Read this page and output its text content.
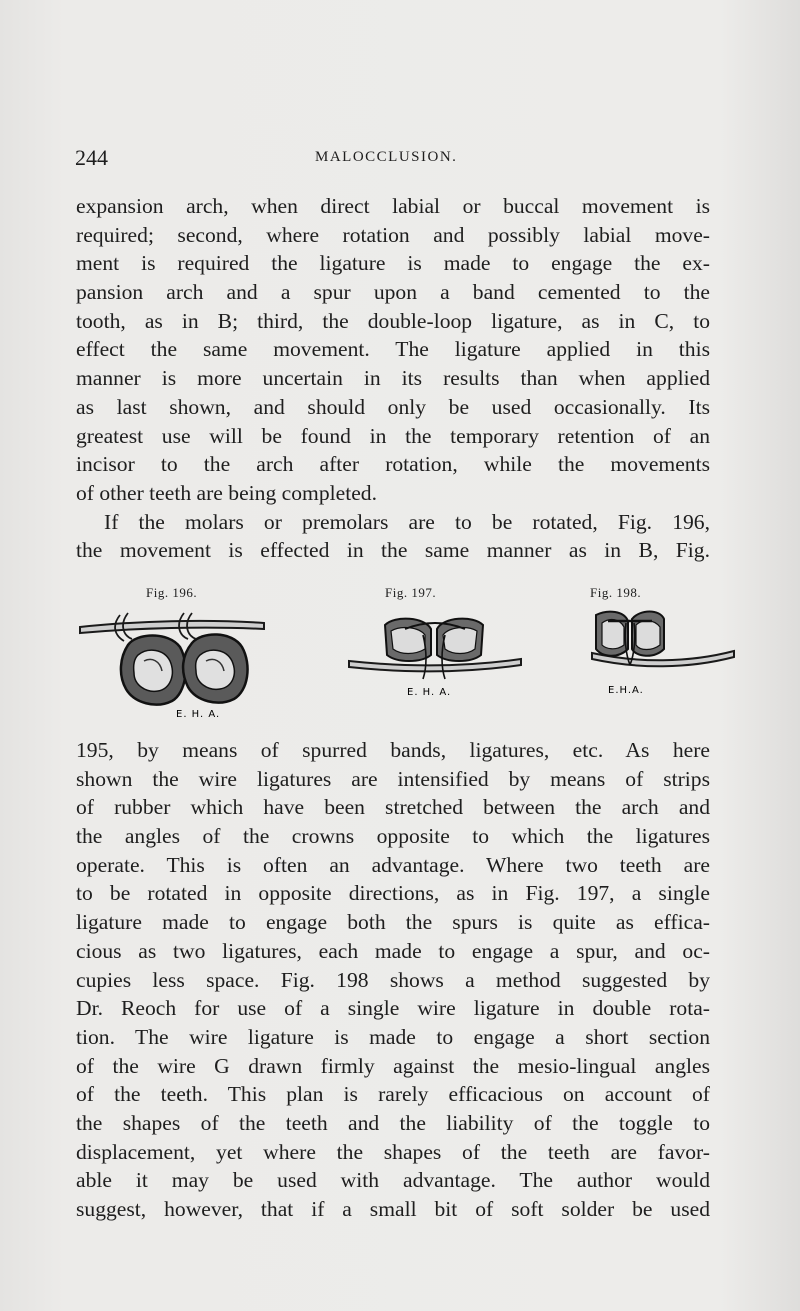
244	MALOCCLUSION.
expansion arch, when direct labial or buccal movement is
required; second, where rotation and possibly labial move-
ment is required the ligature is made to engage the ex-
pansion arch and a spur upon a band cemented to the
tooth, as in B; third, the double-loop ligature, as in C, to
effect the same movement. The ligature applied in this
manner is more uncertain in its results than when applied
as last shown, and should only be used occasionally. Its
greatest use will be found in the temporary retention of an
incisor to the arch after rotation, while the movements
of other teeth are being completed.
If the molars or premolars are to be rotated, Fig. 196,
the movement is effected in the same manner as in B, Fig.
Fig. 196.	Fig. 197.	Fig. 198.
E. H. A.
E. H. A.	E.H.A.
195, by means of spurred bands, ligatures, etc. As here
shown the wire ligatures are intensified by means of strips
of rubber which have been stretched between the arch and
the angles of the crowns opposite to which the ligatures
operate. This is often an advantage. Where two teeth are
to be rotated in opposite directions, as in Fig. 197, a single
ligature made to engage both the spurs is quite as effica-
cious as two ligatures, each made to engage a spur, and oc-
cupies less space. Fig. 198 shows a method suggested by
Dr. Reoch for use of a single wire ligature in double rota-
tion. The wire ligature is made to engage a short section
of the wire G drawn firmly against the mesio-lingual angles
of the teeth. This plan is rarely efficacious on account of
the shapes of the teeth and the liability of the toggle to
displacement, yet where the shapes of the teeth are favor-
able it may be used with advantage. The author would
suggest, however, that if a small bit of soft solder be used
